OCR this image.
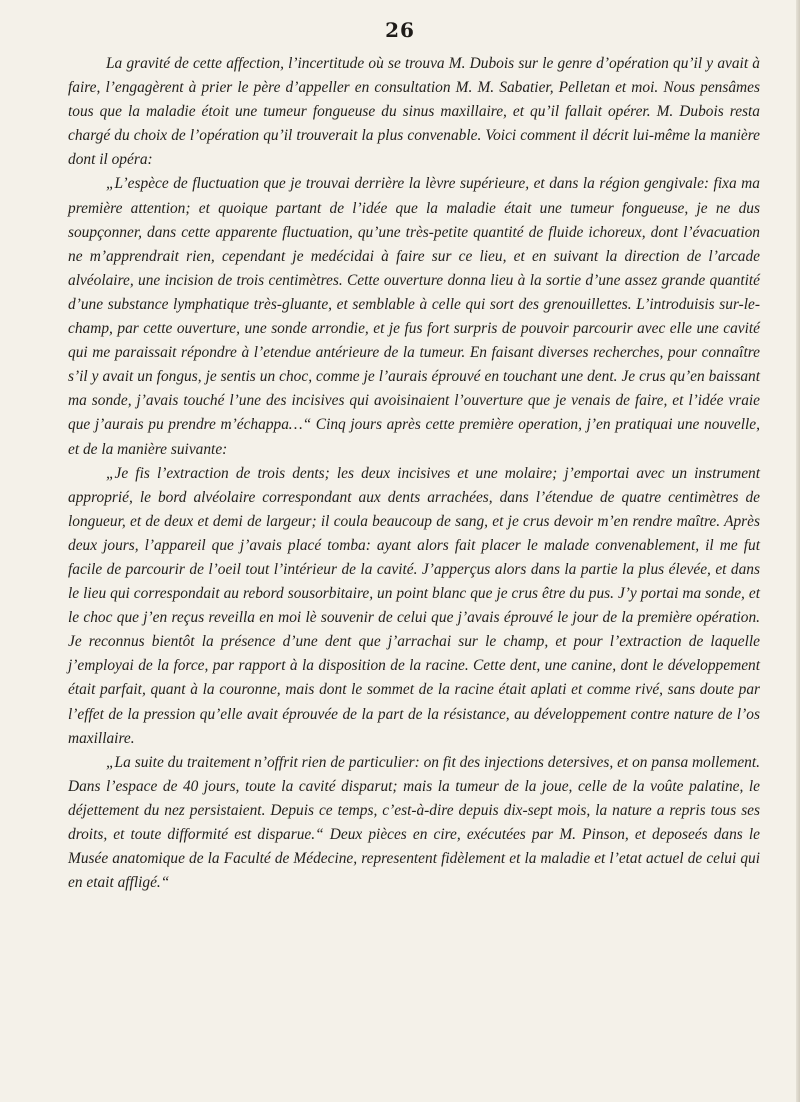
26

La gravité de cette affection, l’incertitude où se trouva M. Dubois sur le genre d’opération qu’il y avait à faire, l’engagèrent à prier le père d’appeller en consultation M. M. Sabatier, Pelletan et moi. Nous pensâmes tous que la maladie étoit une tumeur fongueuse du sinus maxillaire, et qu’il fallait opérer. M. Dubois resta chargé du choix de l’opération qu’il trouverait la plus convenable. Voici comment il décrit lui-même la manière dont il opéra:

„L’espèce de fluctuation que je trouvai derrière la lèvre supérieure, et dans la région gengivale: fixa ma première attention; et quoique partant de l’idée que la maladie était une tumeur fongueuse, je ne dus soupçonner, dans cette apparente fluctuation, qu’une très-petite quantité de fluide ichoreux, dont l’évacuation ne m’apprendrait rien, cependant je medécidai à faire sur ce lieu, et en suivant la direction de l’arcade alvéolaire, une incision de trois centimètres. Cette ouverture donna lieu à la sortie d’une assez grande quantité d’une substance lymphatique très-gluante, et semblable à celle qui sort des grenouillettes. L’introduisis sur-le-champ, par cette ouverture, une sonde arrondie, et je fus fort surpris de pouvoir parcourir avec elle une cavité qui me paraissait répondre à l’etendue antérieure de la tumeur. En faisant diverses recherches, pour connaître s’il y avait un fongus, je sentis un choc, comme je l’aurais éprouvé en touchant une dent. Je crus qu’en baissant ma sonde, j’avais touché l’une des incisives qui avoisinaient l’ouverture que je venais de faire, et l’idée vraie que j’aurais pu prendre m’échappa…“ Cinq jours après cette première operation, j’en pratiquai une nouvelle, et de la manière suivante:

„Je fis l’extraction de trois dents; les deux incisives et une molaire; j’emportai avec un instrument approprié, le bord alvéolaire correspondant aux dents arrachées, dans l’étendue de quatre centimètres de longueur, et de deux et demi de largeur; il coula beaucoup de sang, et je crus devoir m’en rendre maître. Après deux jours, l’appareil que j’avais placé tomba: ayant alors fait placer le malade convenablement, il me fut facile de parcourir de l’oeil tout l’intérieur de la cavité. J’apperçus alors dans la partie la plus élevée, et dans le lieu qui correspondait au rebord sousorbitaire, un point blanc que je crus être du pus. J’y portai ma sonde, et le choc que j’en reçus reveilla en moi lè souvenir de celui que j’avais éprouvé le jour de la première opération. Je reconnus bientôt la présence d’une dent que j’arrachai sur le champ, et pour l’extraction de laquelle j’employai de la force, par rapport à la disposition de la racine. Cette dent, une canine, dont le développement était parfait, quant à la couronne, mais dont le sommet de la racine était aplati et comme rivé, sans doute par l’effet de la pression qu’elle avait éprouvée de la part de la résistance, au développement contre nature de l’os maxillaire.

„La suite du traitement n’offrit rien de particulier: on fit des injections detersives, et on pansa mollement. Dans l’espace de 40 jours, toute la cavité disparut; mais la tumeur de la joue, celle de la voûte palatine, le déjettement du nez persistaient. Depuis ce temps, c’est-à-dire depuis dix-sept mois, la nature a repris tous ses droits, et toute difformité est disparue.“ Deux pièces en cire, exécutées par M. Pinson, et deposeés dans le Musée anatomique de la Faculté de Médecine, representent fidèlement et la maladie et l’etat actuel de celui qui en etait affligé.“
